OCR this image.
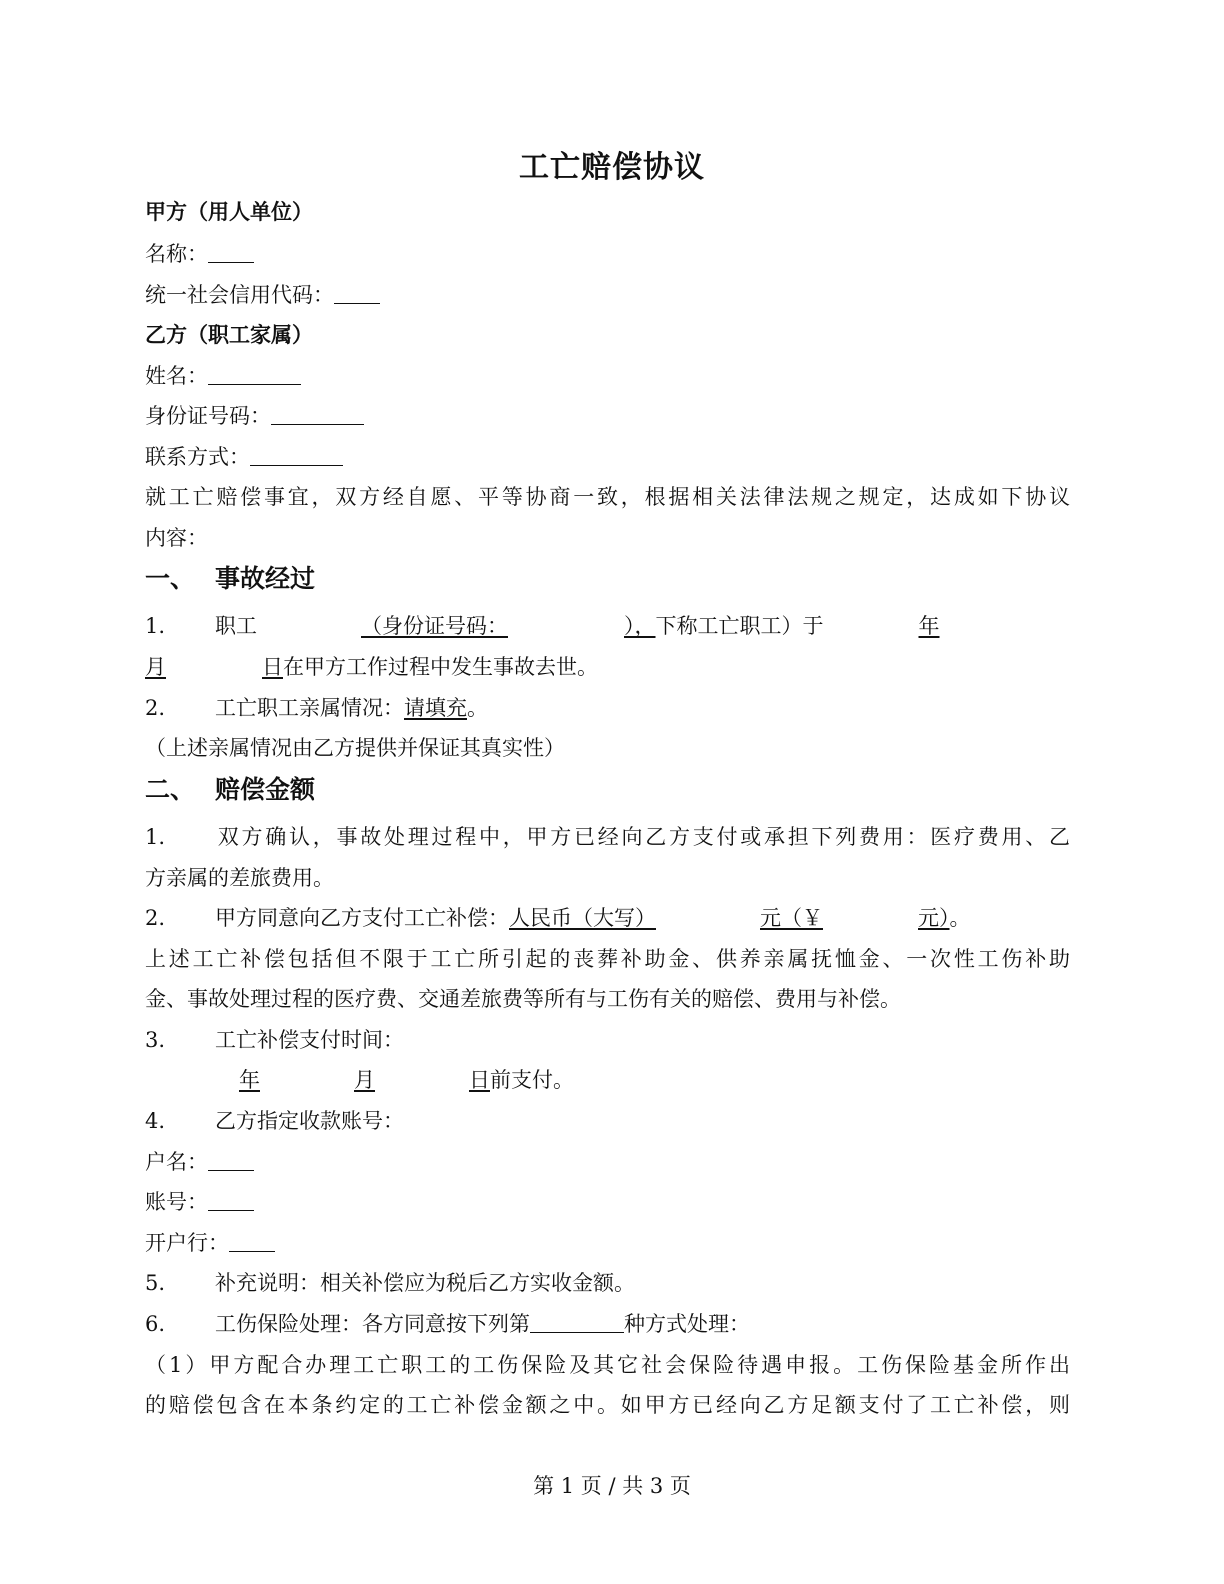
工亡赔偿协议
甲方（用人单位）
名称：
统一社会信用代码：
乙方（职工家属）
姓名：
身份证号码：
联系方式：
就工亡赔偿事宜，双方经自愿、平等协商一致，根据相关法律法规之规定，达成如下协议
内容：
一、 事故经过
1. 职工	（身份证号码：	），下称工亡职工）于	年
月	日在甲方工作过程中发生事故去世。
2. 工亡职工亲属情况：请填充。
（上述亲属情况由乙方提供并保证其真实性）
二、 赔偿金额
1. 双方确认，事故处理过程中，甲方已经向乙方支付或承担下列费用：医疗费用、乙
方亲属的差旅费用。
2. 甲方同意向乙方支付工亡补偿：人民币（大写）	元（￥	元）。
上述工亡补偿包括但不限于工亡所引起的丧葬补助金、供养亲属抚恤金、一次性工伤补助
金、事故处理过程的医疗费、交通差旅费等所有与工伤有关的赔偿、费用与补偿。
3. 工亡补偿支付时间：
年	月	日前支付。
4. 乙方指定收款账号：
户名：
账号：
开户行：
5. 补充说明：相关补偿应为税后乙方实收金额。
6. 工伤保险处理：各方同意按下列第	种方式处理：
（1）甲方配合办理工亡职工的工伤保险及其它社会保险待遇申报。工伤保险基金所作出
的赔偿包含在本条约定的工亡补偿金额之中。如甲方已经向乙方足额支付了工亡补偿，则
第 1 页 / 共 3 页
